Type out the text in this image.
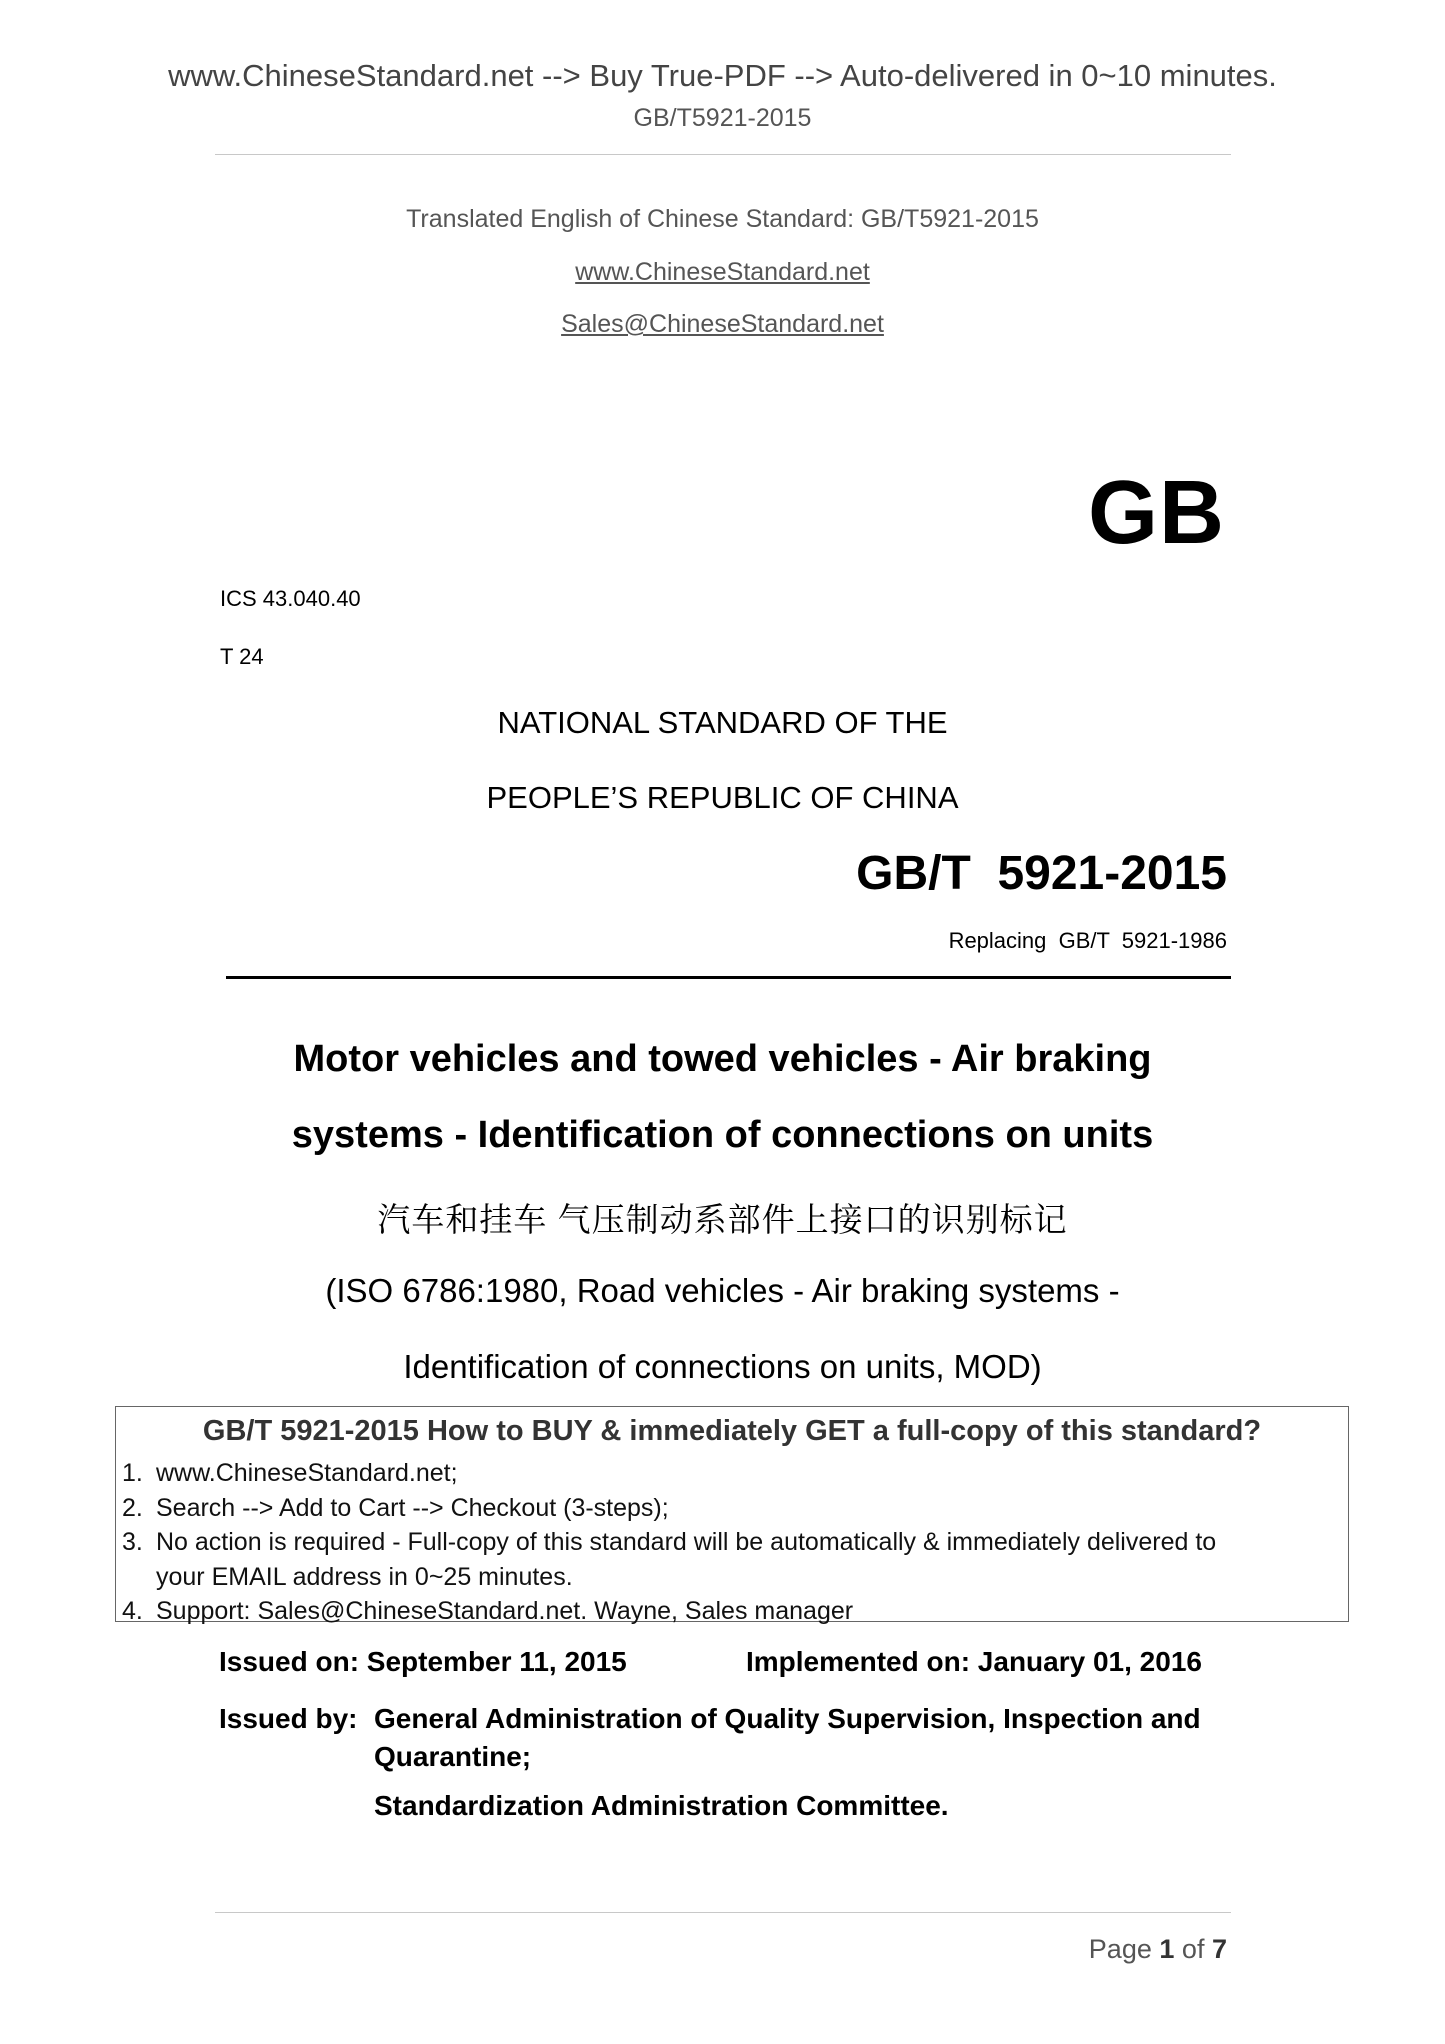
www.ChineseStandard.net --> Buy True-PDF --> Auto-delivered in 0~10 minutes.
GB/T5921-2015
Translated English of Chinese Standard: GB/T5921-2015
www.ChineseStandard.net
Sales@ChineseStandard.net
GB
ICS 43.040.40
T 24
NATIONAL STANDARD OF THE
PEOPLE’S REPUBLIC OF CHINA
GB/T  5921-2015
Replacing  GB/T  5921-1986
Motor vehicles and towed vehicles - Air braking
systems - Identification of connections on units
汽车和挂车 气压制动系部件上接口的识别标记
(ISO 6786:1980, Road vehicles - Air braking systems -
Identification of connections on units, MOD)
GB/T 5921-2015 How to BUY & immediately GET a full-copy of this standard?
1. www.ChineseStandard.net;
2. Search --> Add to Cart --> Checkout (3-steps);
3. No action is required - Full-copy of this standard will be automatically & immediately delivered to
your EMAIL address in 0~25 minutes.
4. Support: Sales@ChineseStandard.net. Wayne, Sales manager
Issued on: September 11, 2015	Implemented on: January 01, 2016
Issued by: General Administration of Quality Supervision, Inspection and
Quarantine;
Standardization Administration Committee.
Page 1 of 7
